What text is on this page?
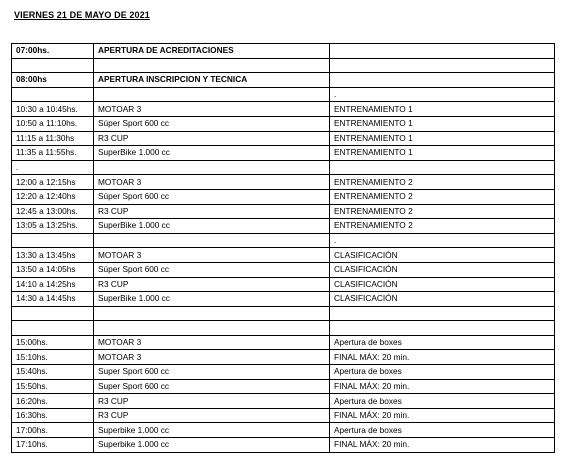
VIERNES 21 DE MAYO DE 2021
07:00hs.	APERTURA DE ACREDITACIONES	

08:00hs	APERTURA INSCRIPCION Y TECNICA	
		.
10:30 a 10:45hs.	MOTOAR 3	ENTRENAMIENTO 1
10:50 a 11:10hs.	Súper Sport 600 cc	ENTRENAMIENTO 1
11:15 a 11:30hs	R3 CUP	ENTRENAMIENTO 1
11:35 a 11:55hs.	SuperBike 1.000 cc	ENTRENAMIENTO 1
.		
12:00 a 12:15hs	MOTOAR 3	ENTRENAMIENTO 2
12:20 a 12:40hs	Súper Sport 600 cc	ENTRENAMIENTO 2
12:45 a 13:00hs.	R3 CUP	ENTRENAMIENTO 2
13:05 a 13:25hs.	SuperBike 1.000 cc	ENTRENAMIENTO 2
		.
13:30 a 13:45hs	MOTOAR 3	CLASIFICACIÓN
13:50 a 14:05hs	Súper Sport 600 cc	CLASIFICACIÓN
14:10 a 14:25hs	R3 CUP	CLASIFICACIÓN
14:30 a 14:45hs	SuperBike 1.000 cc	CLASIFICACIÓN

15:00hs.	MOTOAR 3	Apertura de boxes
15:10hs.	MOTOAR 3	FINAL MÁX: 20 min.
15:40hs.	Super Sport 600 cc	Apertura de boxes
15:50hs.	Super Sport 600 cc	FINAL MÁX: 20 min.
16:20hs.	R3 CUP	Apertura de boxes
16:30hs.	R3 CUP	FINAL MÁX: 20 min.
17:00hs.	Superbike 1.000 cc	Apertura de boxes
17:10hs.	Superbike 1.000 cc	FINAL MÁX: 20 min.
